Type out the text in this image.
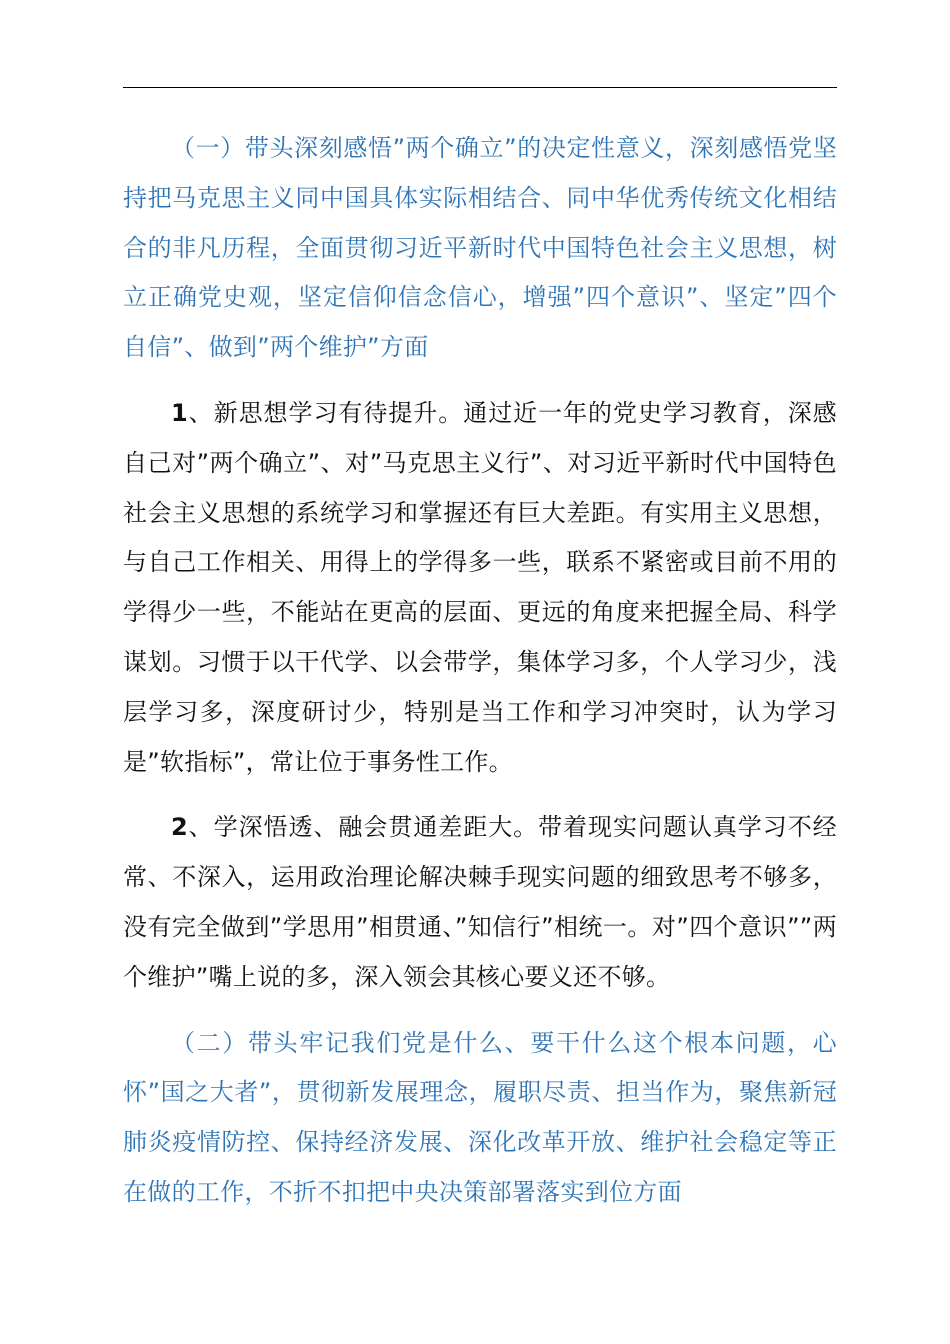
（一）带头深刻感悟”两个确立”的决定性意义，深刻感悟党坚持把马克思主义同中国具体实际相结合、同中华优秀传统文化相结合的非凡历程，全面贯彻习近平新时代中国特色社会主义思想，树立正确党史观，坚定信仰信念信心，增强”四个意识”、坚定”四个自信”、做到”两个维护”方面

1、新思想学习有待提升。通过近一年的党史学习教育，深感自己对”两个确立”、对”马克思主义行”、对习近平新时代中国特色社会主义思想的系统学习和掌握还有巨大差距。有实用主义思想，与自己工作相关、用得上的学得多一些，联系不紧密或目前不用的学得少一些，不能站在更高的层面、更远的角度来把握全局、科学谋划。习惯于以干代学、以会带学，集体学习多，个人学习少，浅层学习多，深度研讨少，特别是当工作和学习冲突时，认为学习是”软指标”，常让位于事务性工作。

2、学深悟透、融会贯通差距大。带着现实问题认真学习不经常、不深入，运用政治理论解决棘手现实问题的细致思考不够多，没有完全做到”学思用”相贯通、”知信行”相统一。对”四个意识””两个维护”嘴上说的多，深入领会其核心要义还不够。

（二）带头牢记我们党是什么、要干什么这个根本问题，心怀”国之大者”，贯彻新发展理念，履职尽责、担当作为，聚焦新冠肺炎疫情防控、保持经济发展、深化改革开放、维护社会稳定等正在做的工作，不折不扣把中央决策部署落实到位方面
